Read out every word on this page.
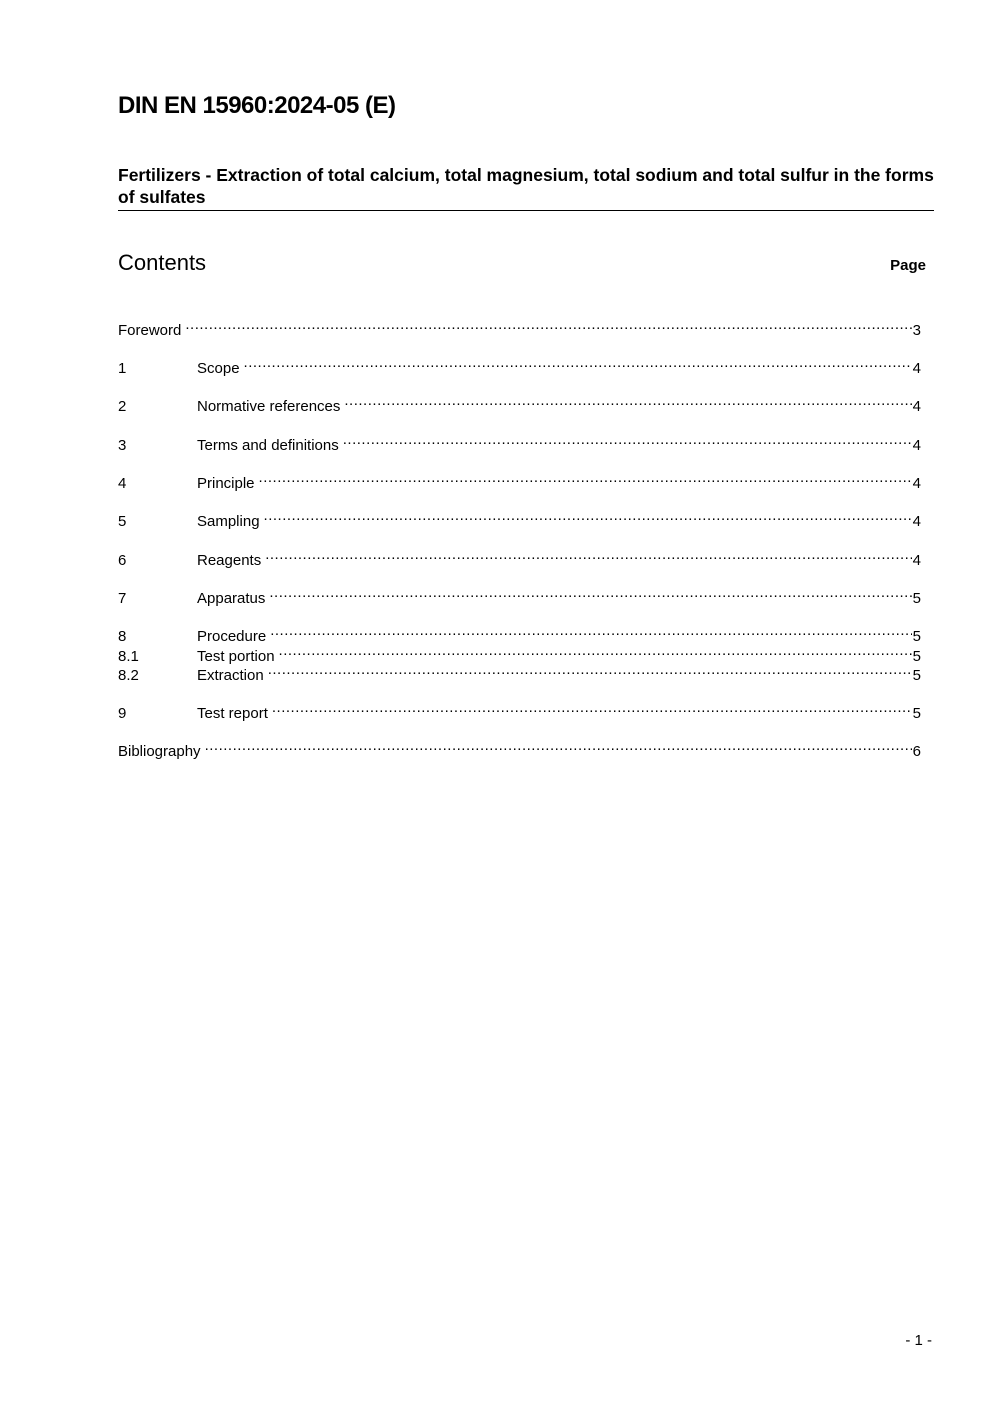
DIN EN 15960:2024-05 (E)
Fertilizers - Extraction of total calcium, total magnesium, total sodium and total sulfur in the forms of sulfates
Contents	Page
Foreword .....	3
1	Scope .....	4
2	Normative references .....	4
3	Terms and definitions .....	4
4	Principle .....	4
5	Sampling .....	4
6	Reagents .....	4
7	Apparatus .....	5
8	Procedure .....	5
8.1	Test portion .....	5
8.2	Extraction .....	5
9	Test report .....	5
Bibliography .....	6
- 1 -
